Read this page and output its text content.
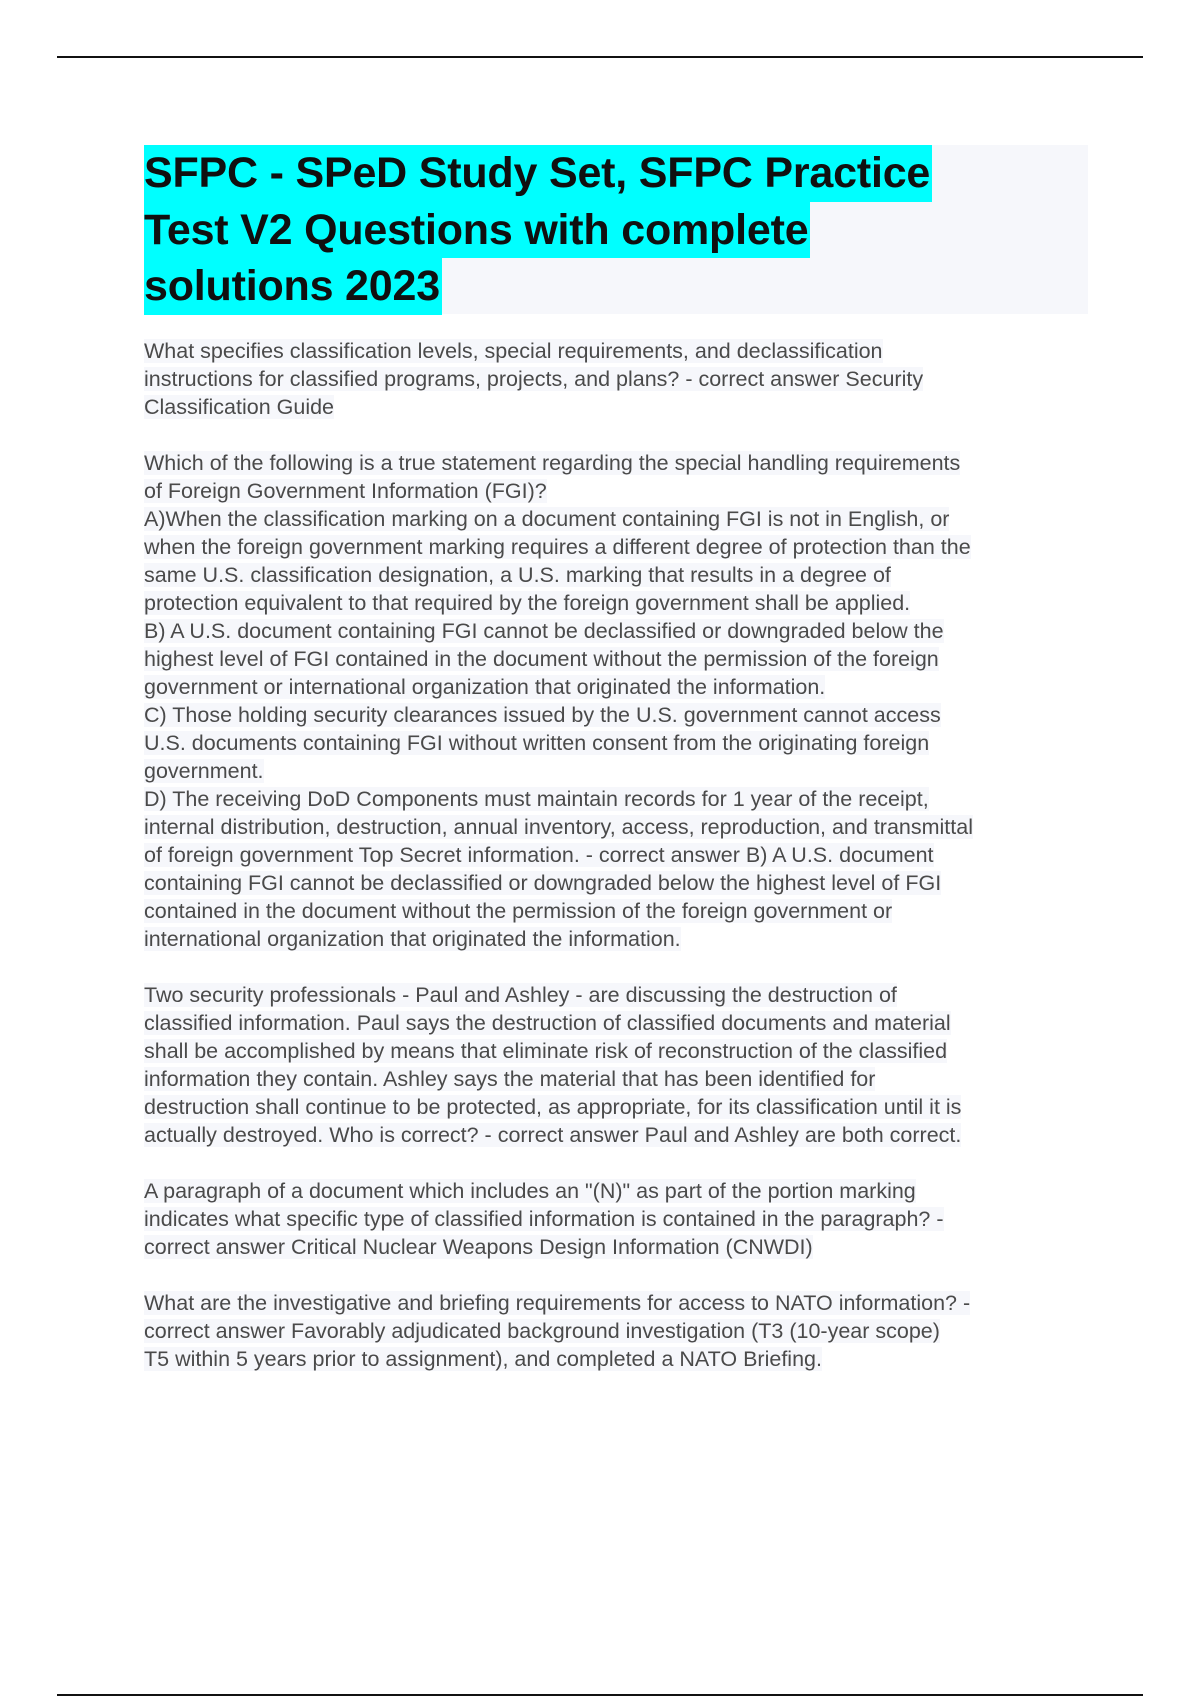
SFPC - SPeD Study Set, SFPC Practice
Test V2 Questions with complete
solutions 2023
What specifies classification levels, special requirements, and declassification
instructions for classified programs, projects, and plans? - correct answer Security
Classification Guide
Which of the following is a true statement regarding the special handling requirements
of Foreign Government Information (FGI)?
A)When the classification marking on a document containing FGI is not in English, or
when the foreign government marking requires a different degree of protection than the
same U.S. classification designation, a U.S. marking that results in a degree of
protection equivalent to that required by the foreign government shall be applied.
B) A U.S. document containing FGI cannot be declassified or downgraded below the
highest level of FGI contained in the document without the permission of the foreign
government or international organization that originated the information.
C) Those holding security clearances issued by the U.S. government cannot access
U.S. documents containing FGI without written consent from the originating foreign
government.
D) The receiving DoD Components must maintain records for 1 year of the receipt,
internal distribution, destruction, annual inventory, access, reproduction, and transmittal
of foreign government Top Secret information. - correct answer B) A U.S. document
containing FGI cannot be declassified or downgraded below the highest level of FGI
contained in the document without the permission of the foreign government or
international organization that originated the information.
Two security professionals - Paul and Ashley - are discussing the destruction of
classified information. Paul says the destruction of classified documents and material
shall be accomplished by means that eliminate risk of reconstruction of the classified
information they contain. Ashley says the material that has been identified for
destruction shall continue to be protected, as appropriate, for its classification until it is
actually destroyed. Who is correct? - correct answer Paul and Ashley are both correct.
A paragraph of a document which includes an "(N)" as part of the portion marking
indicates what specific type of classified information is contained in the paragraph? -
correct answer Critical Nuclear Weapons Design Information (CNWDI)
What are the investigative and briefing requirements for access to NATO information? -
correct answer Favorably adjudicated background investigation (T3 (10-year scope)
T5 within 5 years prior to assignment), and completed a NATO Briefing.
